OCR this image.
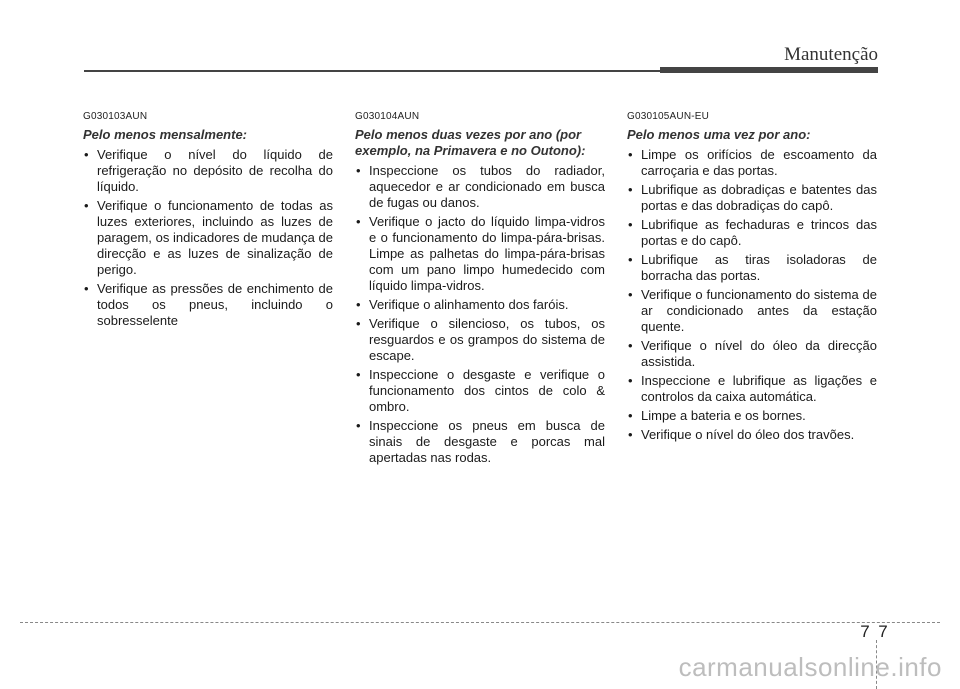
Manutenção
G030103AUN
Pelo menos mensalmente:
• Verifique o nível do líquido de refrigeração no depósito de recolha do líquido.
• Verifique o funcionamento de todas as luzes exteriores, incluindo as luzes de paragem, os indicadores de mudança de direcção e as luzes de sinalização de perigo.
• Verifique as pressões de enchimento de todos os pneus, incluindo o sobresselente
G030104AUN
Pelo menos duas vezes por ano (por exemplo, na Primavera e no Outono):
• Inspeccione os tubos do radiador, aquecedor e ar condicionado em busca de fugas ou danos.
• Verifique o jacto do líquido limpa-vidros e o funcionamento do limpa-pára-brisas. Limpe as palhetas do limpa-pára-brisas com um pano limpo humedecido com líquido limpa-vidros.
• Verifique o alinhamento dos faróis.
• Verifique o silencioso, os tubos, os resguardos e os grampos do sistema de escape.
• Inspeccione o desgaste e verifique o funcionamento dos cintos de colo & ombro.
• Inspeccione os pneus em busca de sinais de desgaste e porcas mal apertadas nas rodas.
G030105AUN-EU
Pelo menos uma vez por ano:
• Limpe os orifícios de escoamento da carroçaria e das portas.
• Lubrifique as dobradiças e batentes das portas e das dobradiças do capô.
• Lubrifique as fechaduras e trincos das portas e do capô.
• Lubrifique as tiras isoladoras de borracha das portas.
• Verifique o funcionamento do sistema de ar condicionado antes da estação quente.
• Verifique o nível do óleo da direcção assistida.
• Inspeccione e lubrifique as ligações e controlos da caixa automática.
• Limpe a bateria e os bornes.
• Verifique o nível do óleo dos travões.
7 7
carmanualsonline.info
